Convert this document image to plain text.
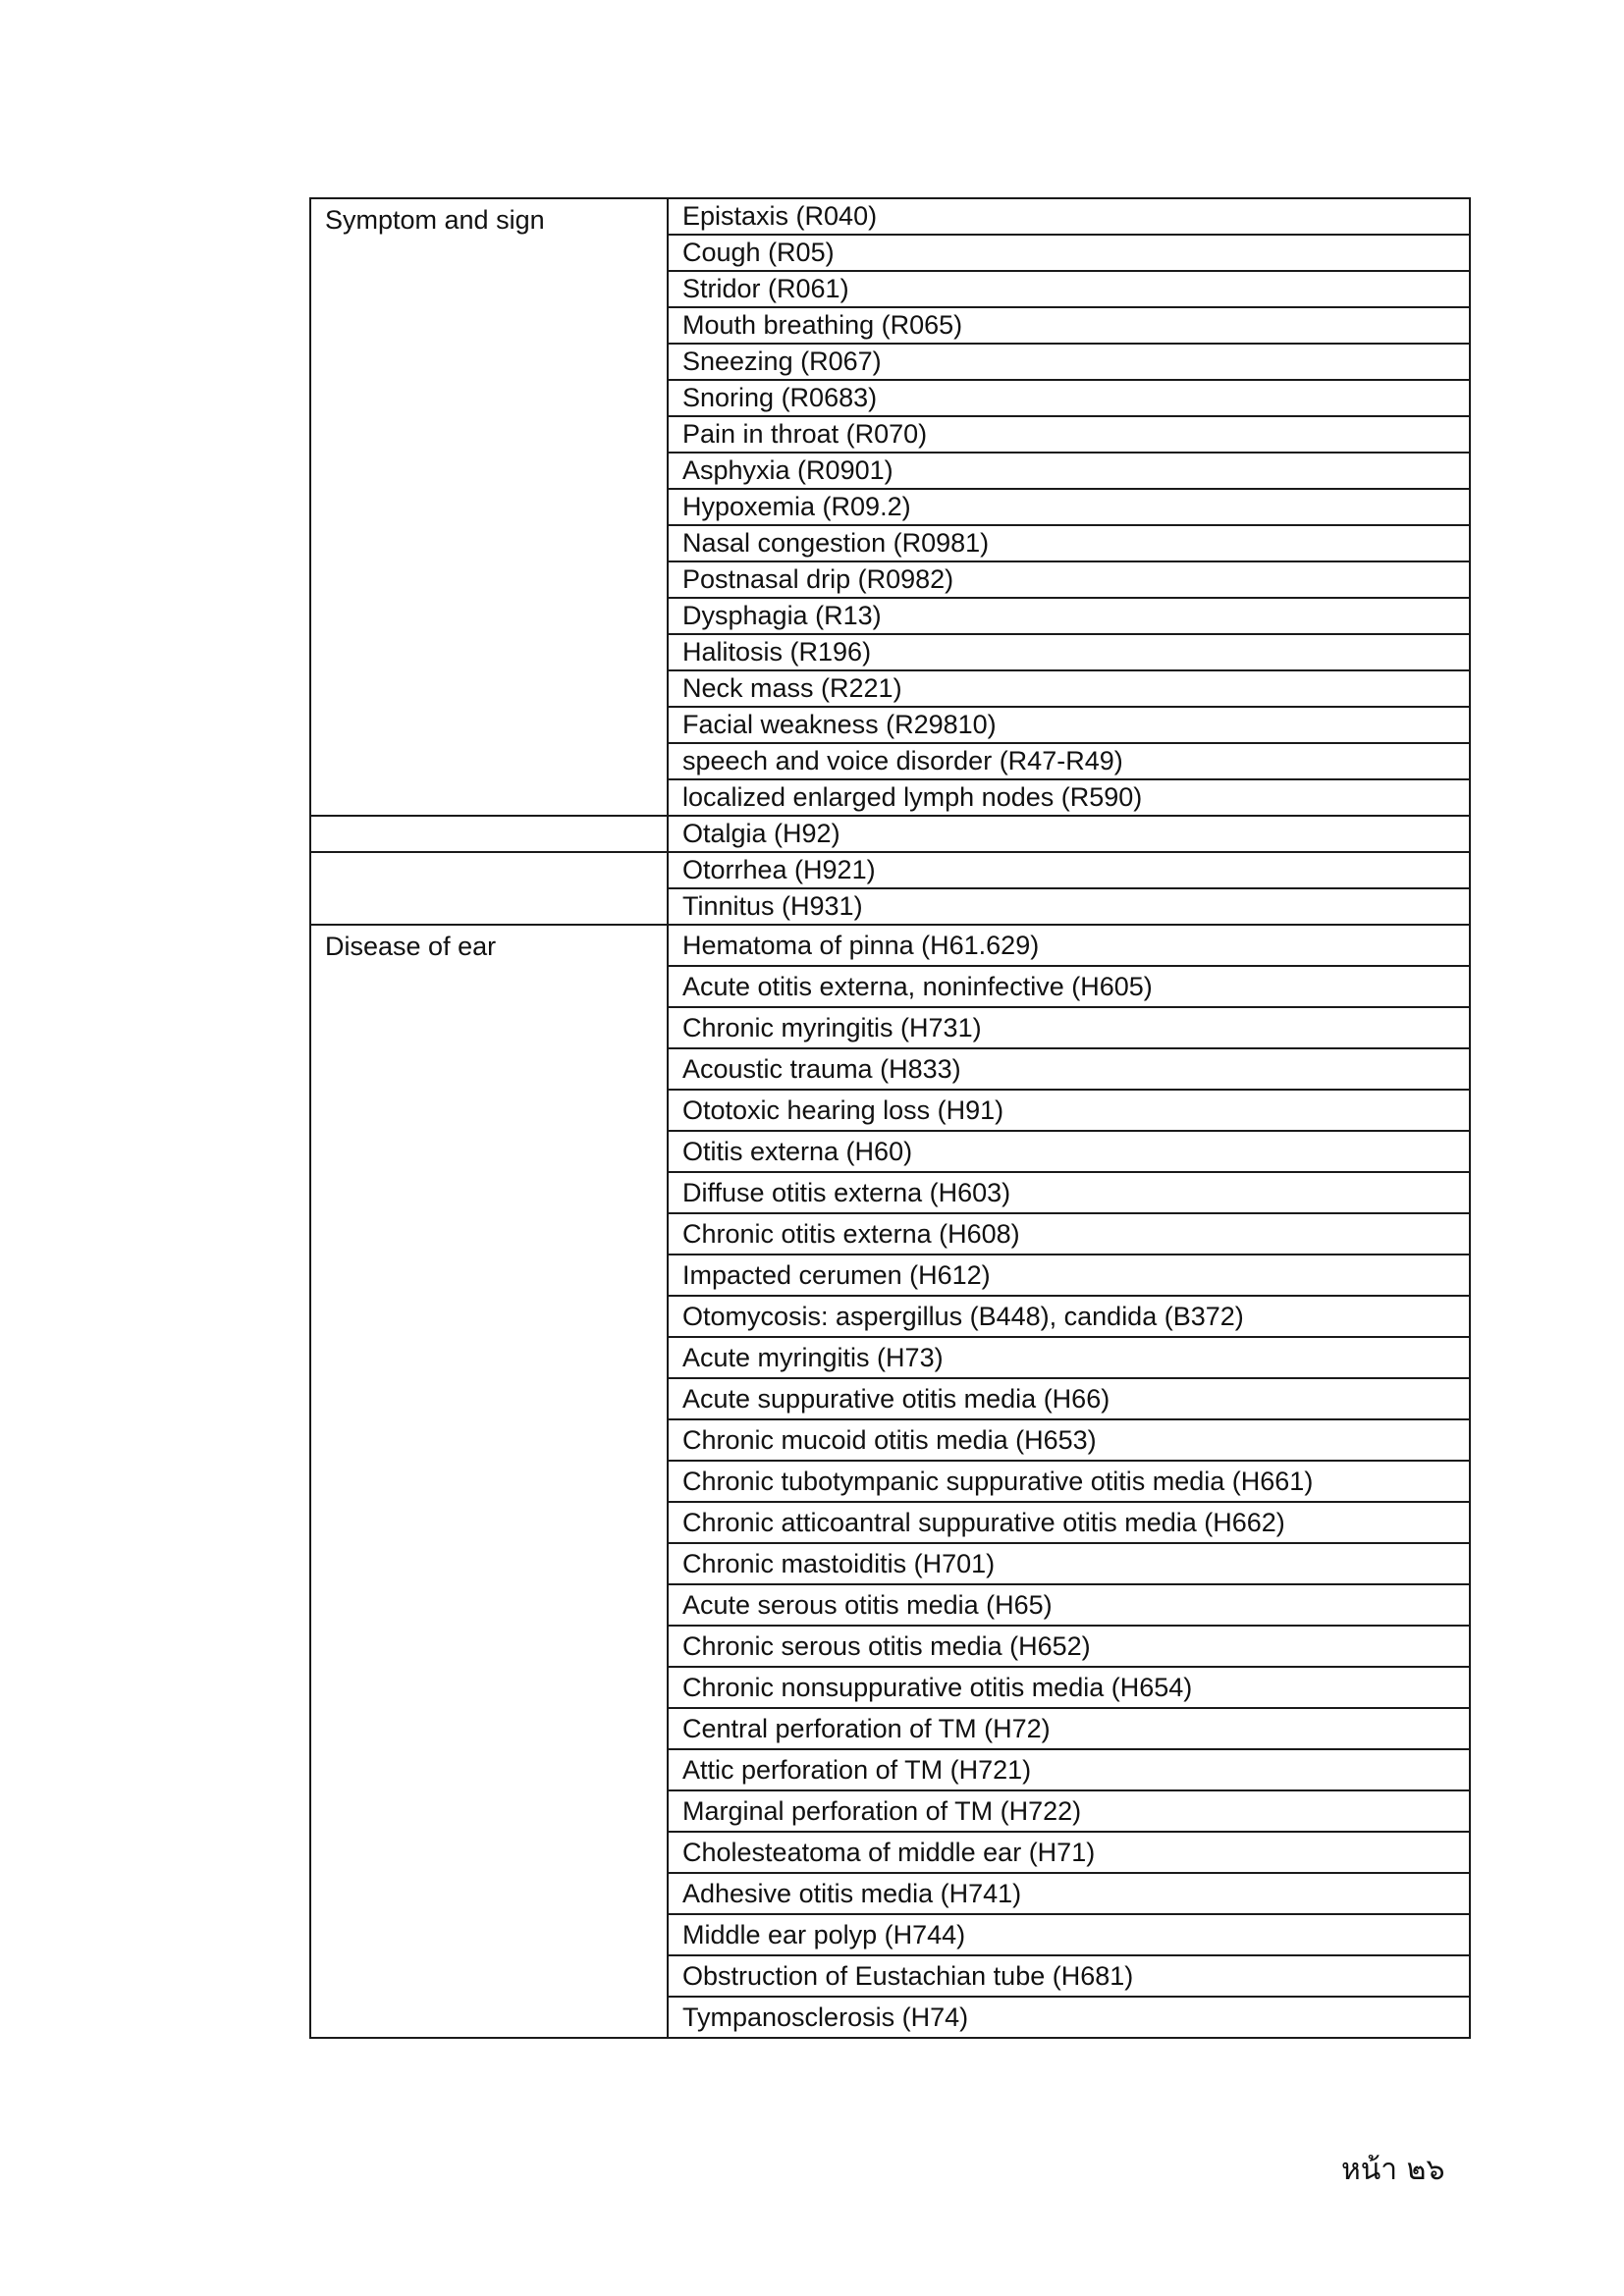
Symptom and sign	Epistaxis (R040)
	Cough (R05)
	Stridor (R061)
	Mouth breathing (R065)
	Sneezing (R067)
	Snoring (R0683)
	Pain in throat (R070)
	Asphyxia (R0901)
	Hypoxemia (R09.2)
	Nasal congestion (R0981)
	Postnasal drip (R0982)
	Dysphagia (R13)
	Halitosis (R196)
	Neck mass (R221)
	Facial weakness (R29810)
	speech and voice disorder (R47-R49)
	localized enlarged lymph nodes (R590)
	Otalgia (H92)
	Otorrhea (H921)
	Tinnitus (H931)
Disease of ear	Hematoma of pinna (H61.629)
	Acute otitis externa, noninfective (H605)
	Chronic myringitis (H731)
	Acoustic trauma (H833)
	Ototoxic hearing loss (H91)
	Otitis externa (H60)
	Diffuse otitis externa (H603)
	Chronic otitis externa (H608)
	Impacted cerumen (H612)
	Otomycosis: aspergillus (B448), candida (B372)
	Acute myringitis (H73)
	Acute suppurative otitis media (H66)
	Chronic mucoid otitis media (H653)
	Chronic tubotympanic suppurative otitis media (H661)
	Chronic atticoantral suppurative otitis media (H662)
	Chronic mastoiditis (H701)
	Acute serous otitis media (H65)
	Chronic serous otitis media (H652)
	Chronic nonsuppurative otitis media (H654)
	Central perforation of TM (H72)
	Attic perforation of TM (H721)
	Marginal perforation of TM (H722)
	Cholesteatoma of middle ear (H71)
	Adhesive otitis media (H741)
	Middle ear polyp (H744)
	Obstruction of Eustachian tube (H681)
	Tympanosclerosis (H74)
หน้า ๒๖
